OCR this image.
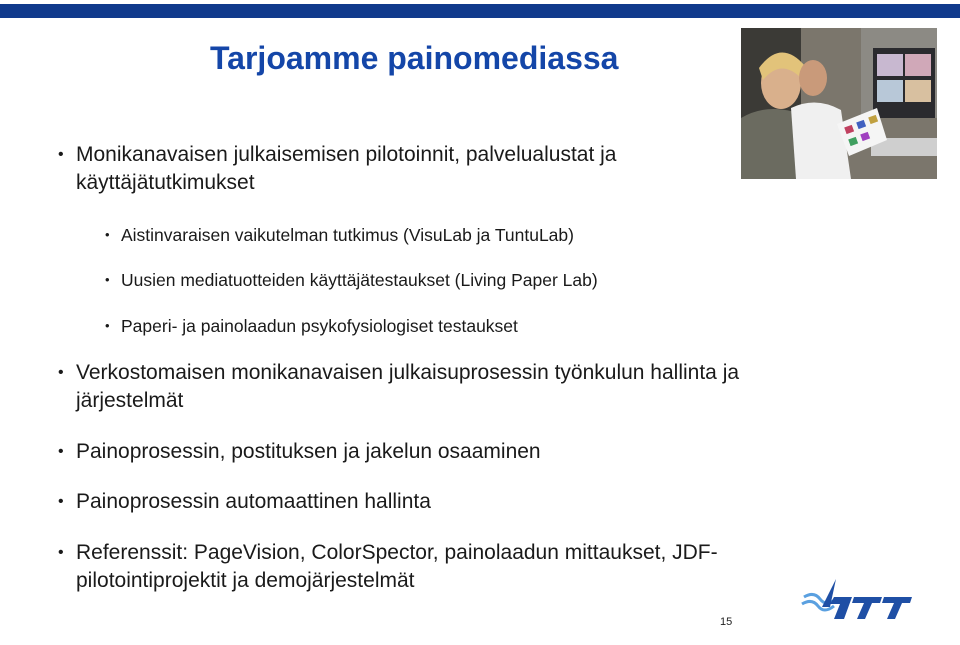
Tarjoamme painomediassa
• Monikanavaisen julkaisemisen pilotoinnit, palvelualustat ja
käyttäjätutkimukset
• Aistinvaraisen vaikutelman tutkimus (VisuLab ja TuntuLab)
• Uusien mediatuotteiden käyttäjätestaukset (Living Paper Lab)
• Paperi- ja painolaadun psykofysiologiset testaukset
• Verkostomaisen monikanavaisen julkaisuprosessin työnkulun hallinta ja
järjestelmät
• Painoprosessin, postituksen ja jakelun osaaminen
• Painoprosessin automaattinen hallinta
• Referenssit: PageVision, ColorSpector, painolaadun mittaukset, JDF-
pilotointiprojektit ja demojärjestelmät
15
